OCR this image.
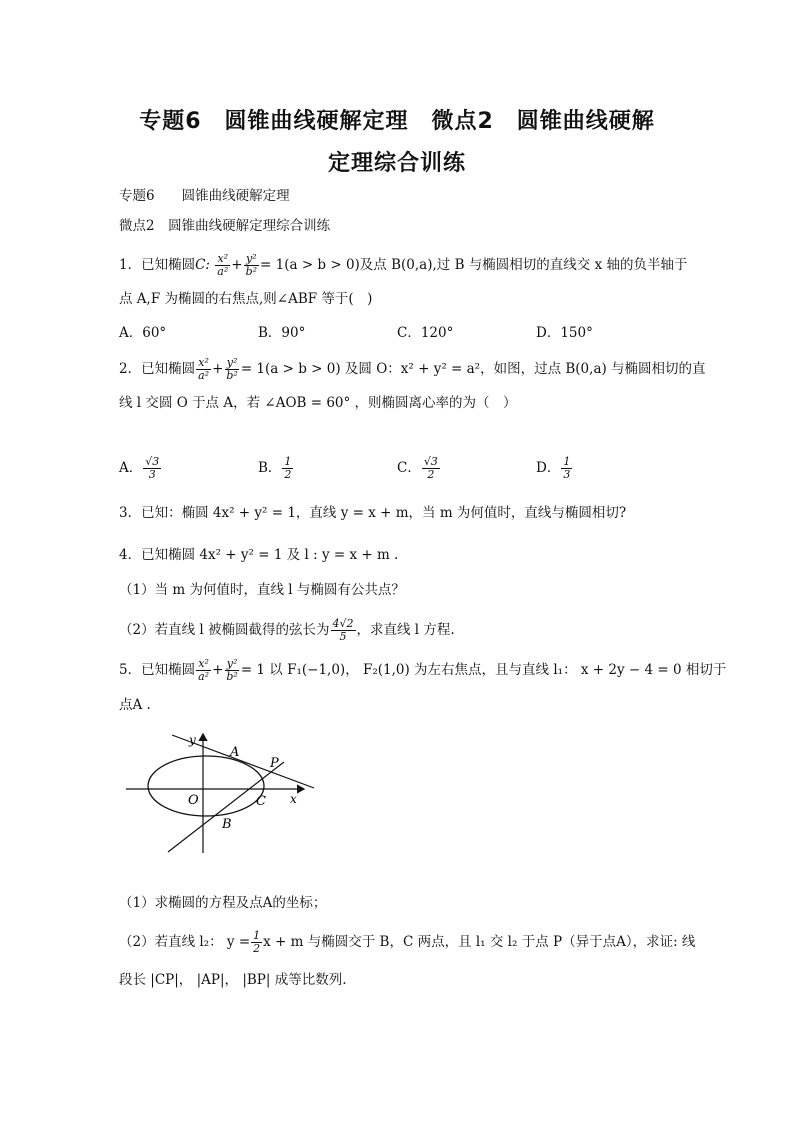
专题6　圆锥曲线硬解定理　微点2　圆锥曲线硬解
定理综合训练
专题6　　圆锥曲线硬解定理
微点2　圆锥曲线硬解定理综合训练
1．已知椭圆C: $\frac{\text{x²}}{\text{a²}} + \frac{\text{y²}}{\text{b²}} = 1(a > b > 0)$及点 B(0,a),过 B 与椭圆相切的直线交 x 轴的负半轴于
点 A,F 为椭圆的右焦点,则∠ABF 等于(　)
A．60°	B．90°	C．120°	D．150°
2．已知椭圆 $\frac{\text{x²}}{\text{a²}} + \frac{\text{y²}}{\text{b²}} = 1(a > b > 0)$ 及圆 O：x² + y² = a²，如图，过点 B(0,a) 与椭圆相切的直
线 l 交圆 O 于点 A，若 ∠AOB = 60° ，则椭圆离心率的为（　）
A． $\frac{√3}{3}$	B． $\frac{1}{2}$	C． $\frac{√3}{2}$	D． $\frac{1}{3}$
3．已知：椭圆 4x² + y² = 1，直线 y = x + m，当 m 为何值时，直线与椭圆相切?
4．已知椭圆 4x² + y² = 1 及 l : y = x + m .
（1）当 m 为何值时，直线 l 与椭圆有公共点？
（2）若直线 l 被椭圆截得的弦长为 $\frac{4√2}{5}$ ，求直线 l 方程.
5．已知椭圆 $\frac{\text{x²}}{\text{a²}} + \frac{\text{y²}}{\text{b²}} = 1$ 以 F₁(−1,0)， F₂(1,0) 为左右焦点，且与直线 l₁： x + 2y − 4 = 0 相切于
点A .
y
x
O
A
P
C
B
（1）求椭圆的方程及点A的坐标；
（2）若直线 l₂： $y = \frac{1}{2}$ x + m 与椭圆交于 B，C 两点，且 l₁ 交 l₂ 于点 P（异于点A），求证: 线
段长 |CP|， |AP|， |BP| 成等比数列.
